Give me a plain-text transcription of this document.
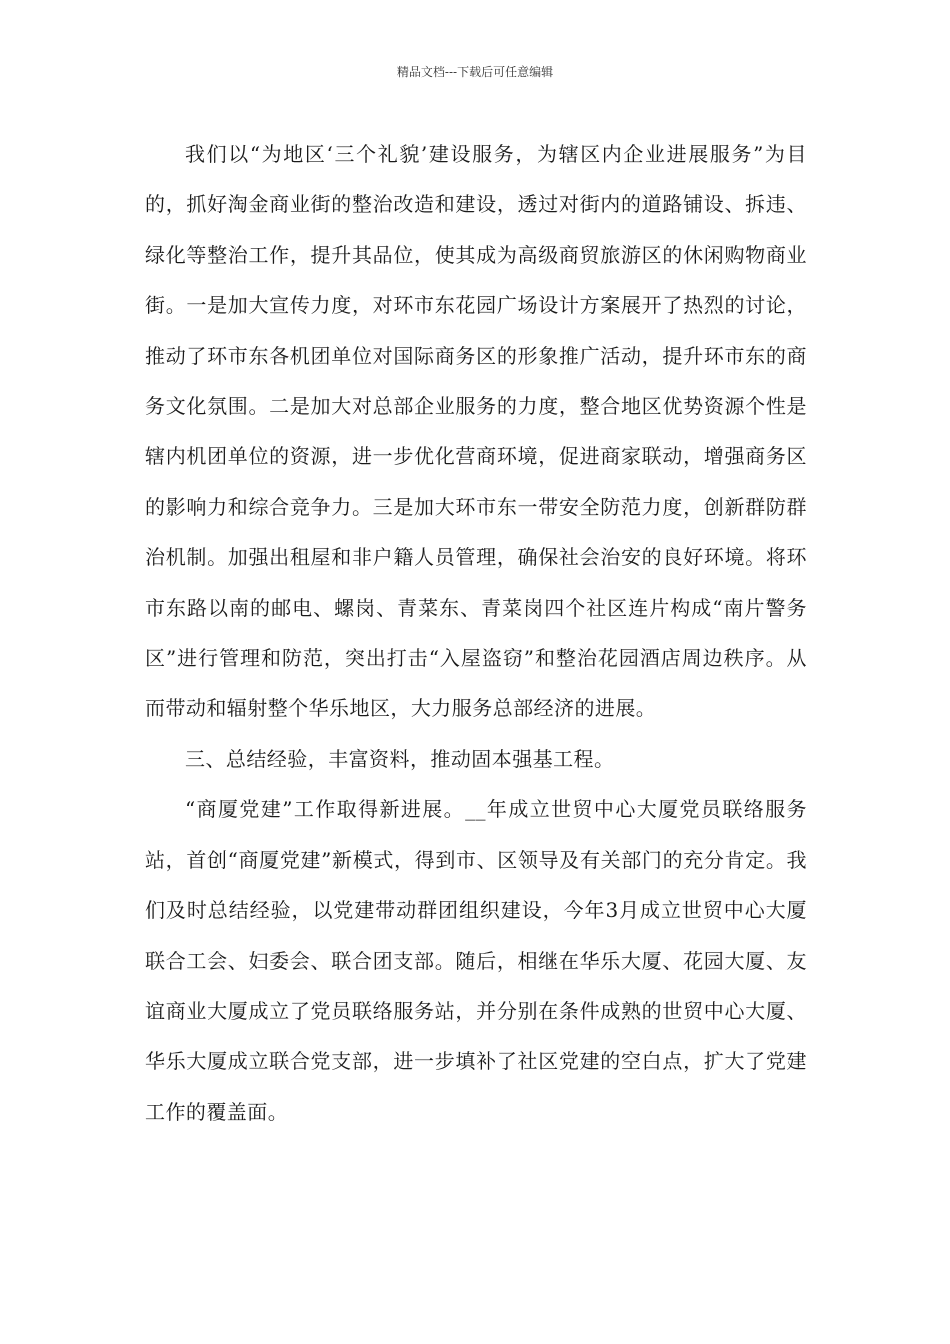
精品文档---下载后可任意编辑

我们以“为地区‘三个礼貌’建设服务，为辖区内企业进展服务”为目的，抓好淘金商业街的整治改造和建设，透过对街内的道路铺设、拆违、绿化等整治工作，提升其品位，使其成为高级商贸旅游区的休闲购物商业街。一是加大宣传力度，对环市东花园广场设计方案展开了热烈的讨论，推动了环市东各机团单位对国际商务区的形象推广活动，提升环市东的商务文化氛围。二是加大对总部企业服务的力度，整合地区优势资源个性是辖内机团单位的资源，进一步优化营商环境，促进商家联动，增强商务区的影响力和综合竞争力。三是加大环市东一带安全防范力度，创新群防群治机制。加强出租屋和非户籍人员管理，确保社会治安的良好环境。将环市东路以南的邮电、螺岗、青菜东、青菜岗四个社区连片构成“南片警务区”进行管理和防范，突出打击“入屋盗窃”和整治花园酒店周边秩序。从而带动和辐射整个华乐地区，大力服务总部经济的进展。

三、总结经验，丰富资料，推动固本强基工程。

“商厦党建”工作取得新进展。__年成立世贸中心大厦党员联络服务站，首创“商厦党建”新模式，得到市、区领导及有关部门的充分肯定。我们及时总结经验，以党建带动群团组织建设，今年3月成立世贸中心大厦联合工会、妇委会、联合团支部。随后，相继在华乐大厦、花园大厦、友谊商业大厦成立了党员联络服务站，并分别在条件成熟的世贸中心大厦、华乐大厦成立联合党支部，进一步填补了社区党建的空白点，扩大了党建工作的覆盖面。
